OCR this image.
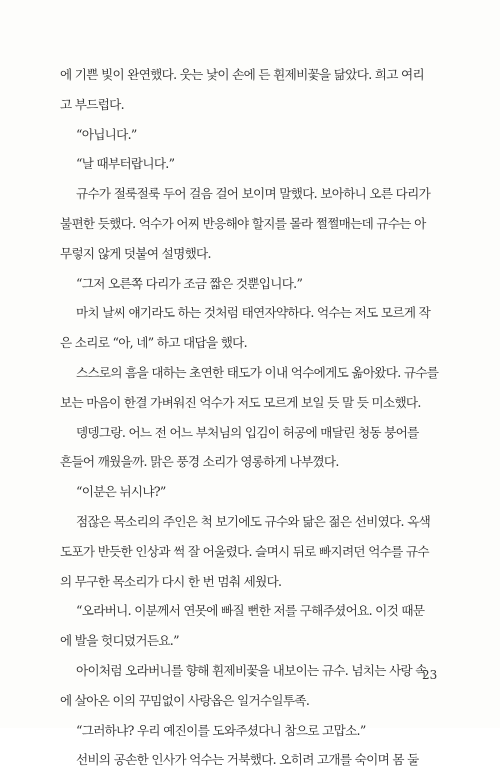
에 기쁜 빛이 완연했다. 웃는 낯이 손에 든 휜제비꽃을 닮았다. 희고 여리
고 부드럽다.
“아닙니다.”
“날 때부터랍니다.”
규수가 절룩절룩 두어 걸음 걸어 보이며 말했다. 보아하니 오른 다리가
불편한 듯했다. 억수가 어찌 반응해야 할지를 몰라 쩔쩔매는데 규수는 아
무렇지 않게 덧붙여 설명했다.
“그저 오른쪽 다리가 조금 짧은 것뿐입니다.”
마치 날씨 얘기라도 하는 것처럼 태연자약하다. 억수는 저도 모르게 작
은 소리로 “아, 네” 하고 대답을 했다.
스스로의 흠을 대하는 초연한 태도가 이내 억수에게도 옮아왔다. 규수를
보는 마음이 한결 가벼워진 억수가 저도 모르게 보일 듯 말 듯 미소했다.
뎅뎅그랑. 어느 전 어느 부처님의 입김이 허공에 매달린 청동 붕어를
흔들어 깨웠을까. 맑은 풍경 소리가 영롱하게 나부꼈다.
“이분은 뉘시냐?”
점잖은 목소리의 주인은 척 보기에도 규수와 닮은 젊은 선비였다. 옥색
도포가 반듯한 인상과 썩 잘 어울렸다. 슬며시 뒤로 빠지려던 억수를 규수
의 무구한 목소리가 다시 한 번 멈춰 세웠다.
“오라버니. 이분께서 연못에 빠질 뻔한 저를 구해주셨어요. 이것 때문
에 발을 헛디뎠거든요.”
아이처럼 오라버니를 향해 휜제비꽃을 내보이는 규수. 넘치는 사랑 속
에 살아온 이의 꾸밈없이 사랑옵은 일거수일투족.
“그러하냐? 우리 예진이를 도와주셨다니 참으로 고맙소.”
선비의 공손한 인사가 억수는 거북했다. 오히려 고개를 숙이며 몸 둘
23
